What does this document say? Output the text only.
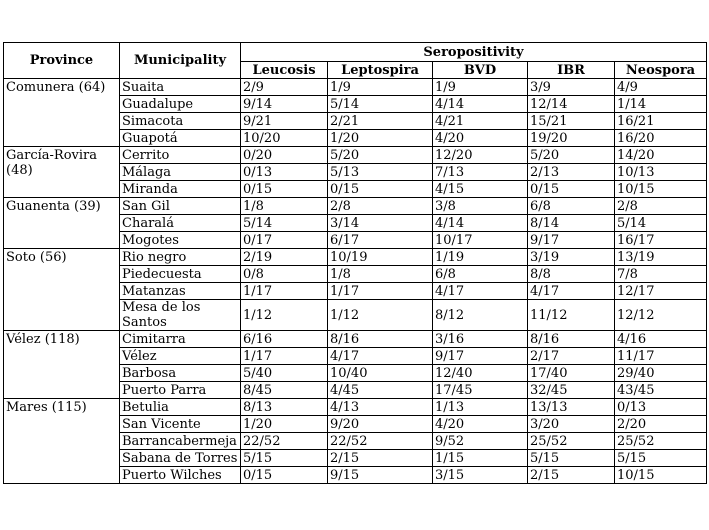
Province	Municipality	Seropositivity				
		Leucosis	Leptospira	BVD	IBR	Neospora
Comunera (64)	Suaita	2/9	1/9	1/9	3/9	4/9
	Guadalupe	9/14	5/14	4/14	12/14	1/14
	Simacota	9/21	2/21	4/21	15/21	16/21
	Guapotá	10/20	1/20	4/20	19/20	16/20
García-Rovira (48)	Cerrito	0/20	5/20	12/20	5/20	14/20
	Málaga	0/13	5/13	7/13	2/13	10/13
	Miranda	0/15	0/15	4/15	0/15	10/15
Guanenta (39)	San Gil	1/8	2/8	3/8	6/8	2/8
	Charalá	5/14	3/14	4/14	8/14	5/14
	Mogotes	0/17	6/17	10/17	9/17	16/17
Soto (56)	Rio negro	2/19	10/19	1/19	3/19	13/19
	Piedecuesta	0/8	1/8	6/8	8/8	7/8
	Matanzas	1/17	1/17	4/17	4/17	12/17
	Mesa de los Santos	1/12	1/12	8/12	11/12	12/12
Vélez (118)	Cimitarra	6/16	8/16	3/16	8/16	4/16
	Vélez	1/17	4/17	9/17	2/17	11/17
	Barbosa	5/40	10/40	12/40	17/40	29/40
	Puerto Parra	8/45	4/45	17/45	32/45	43/45
Mares (115)	Betulia	8/13	4/13	1/13	13/13	0/13
	San Vicente	1/20	9/20	4/20	3/20	2/20
	Barrancabermeja	22/52	22/52	9/52	25/52	25/52
	Sabana de Torres	5/15	2/15	1/15	5/15	5/15
	Puerto Wilches	0/15	9/15	3/15	2/15	10/15
